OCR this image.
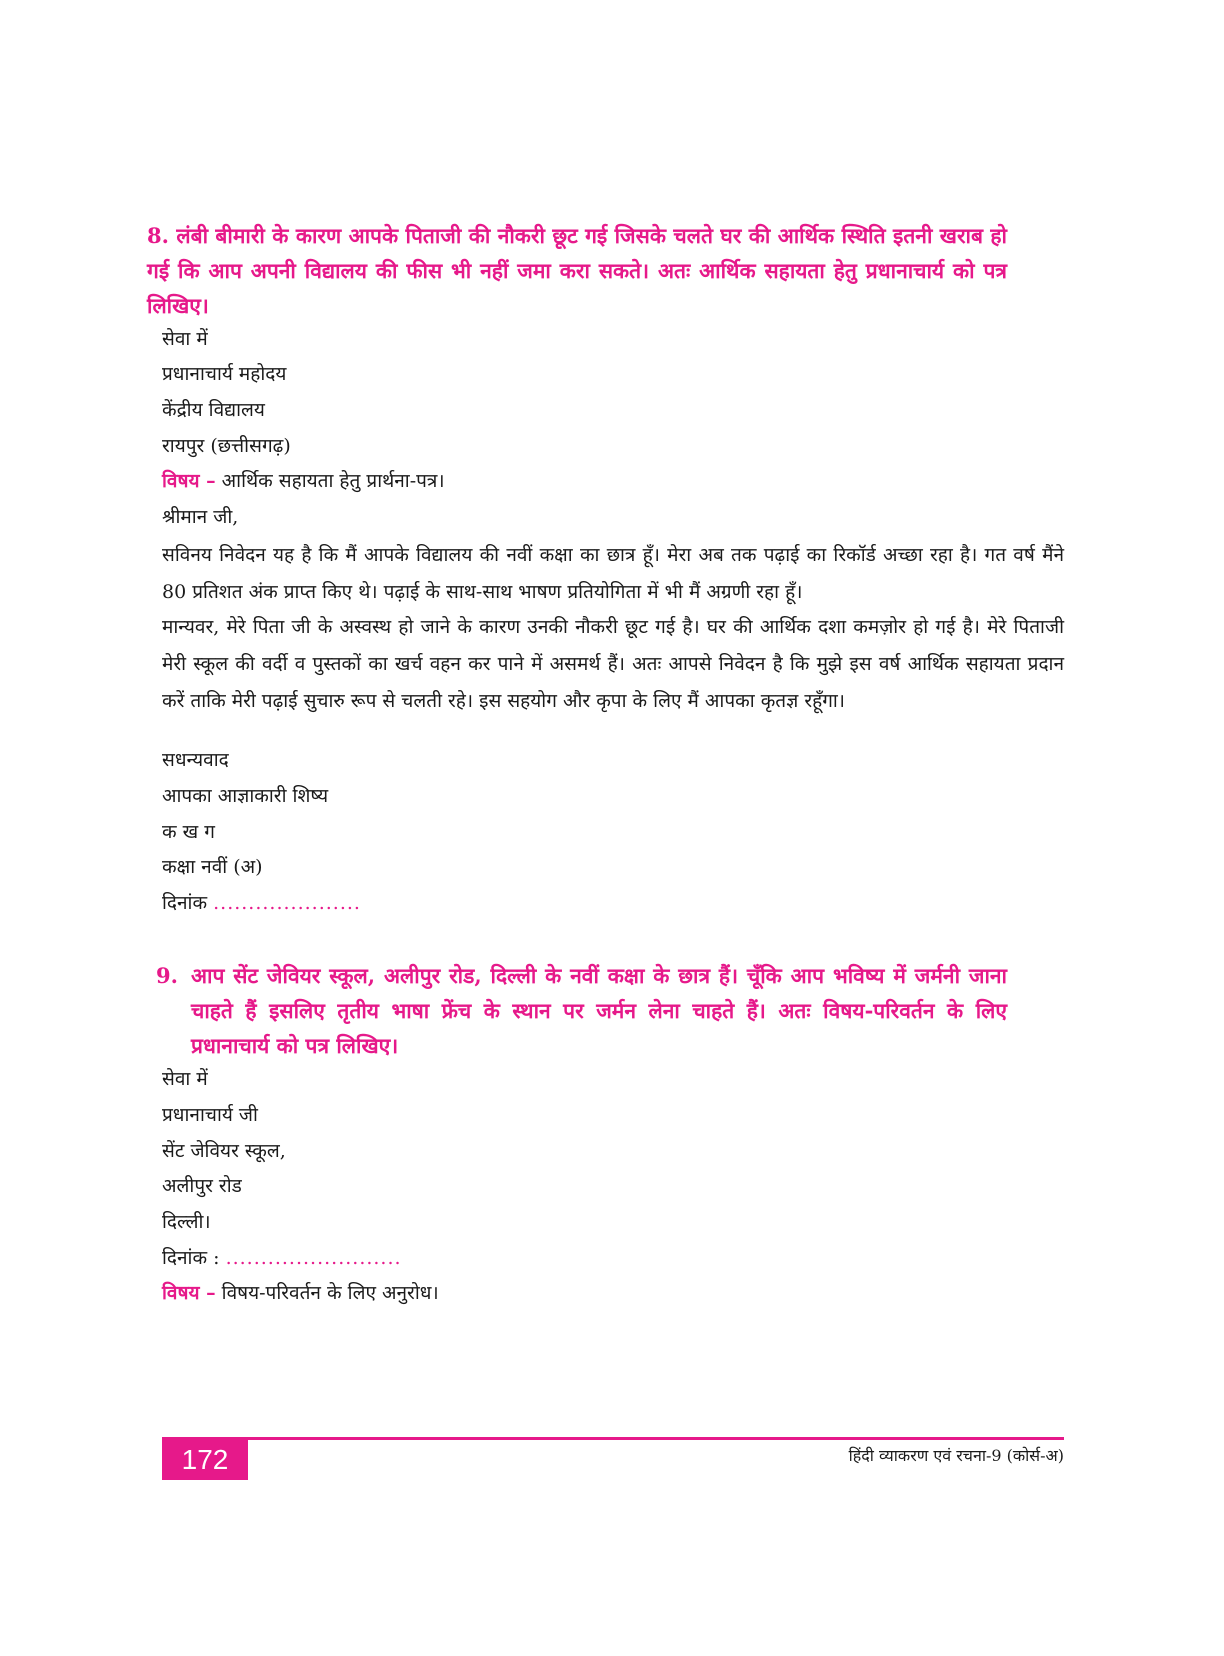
8. लंबी बीमारी के कारण आपके पिताजी की नौकरी छूट गई जिसके चलते घर की आर्थिक स्थिति इतनी खराब हो गई कि आप अपनी विद्यालय की फीस भी नहीं जमा करा सकते। अतः आर्थिक सहायता हेतु प्रधानाचार्य को पत्र लिखिए।
सेवा में
प्रधानाचार्य महोदय
केंद्रीय विद्यालय
रायपुर (छत्तीसगढ़)
विषय – आर्थिक सहायता हेतु प्रार्थना-पत्र।
श्रीमान जी,
सविनय निवेदन यह है कि मैं आपके विद्यालय की नवीं कक्षा का छात्र हूँ। मेरा अब तक पढ़ाई का रिकॉर्ड अच्छा रहा है। गत वर्ष मैंने 80 प्रतिशत अंक प्राप्त किए थे। पढ़ाई के साथ-साथ भाषण प्रतियोगिता में भी मैं अग्रणी रहा हूँ।
मान्यवर, मेरे पिता जी के अस्वस्थ हो जाने के कारण उनकी नौकरी छूट गई है। घर की आर्थिक दशा कमज़ोर हो गई है। मेरे पिताजी मेरी स्कूल की वर्दी व पुस्तकों का खर्च वहन कर पाने में असमर्थ हैं। अतः आपसे निवेदन है कि मुझे इस वर्ष आर्थिक सहायता प्रदान करें ताकि मेरी पढ़ाई सुचारु रूप से चलती रहे। इस सहयोग और कृपा के लिए मैं आपका कृतज्ञ रहूँगा।
सधन्यवाद
आपका आज्ञाकारी शिष्य
क ख ग
कक्षा नवीं (अ)
दिनांक .....................
9. आप सेंट जेवियर स्कूल, अलीपुर रोड, दिल्ली के नवीं कक्षा के छात्र हैं। चूँकि आप भविष्य में जर्मनी जाना चाहते हैं इसलिए तृतीय भाषा फ्रेंच के स्थान पर जर्मन लेना चाहते हैं। अतः विषय-परिवर्तन के लिए प्रधानाचार्य को पत्र लिखिए।
सेवा में
प्रधानाचार्य जी
सेंट जेवियर स्कूल,
अलीपुर रोड
दिल्ली।
दिनांक : .........................
विषय – विषय-परिवर्तन के लिए अनुरोध।
172	हिंदी व्याकरण एवं रचना-9 (कोर्स-अ)
